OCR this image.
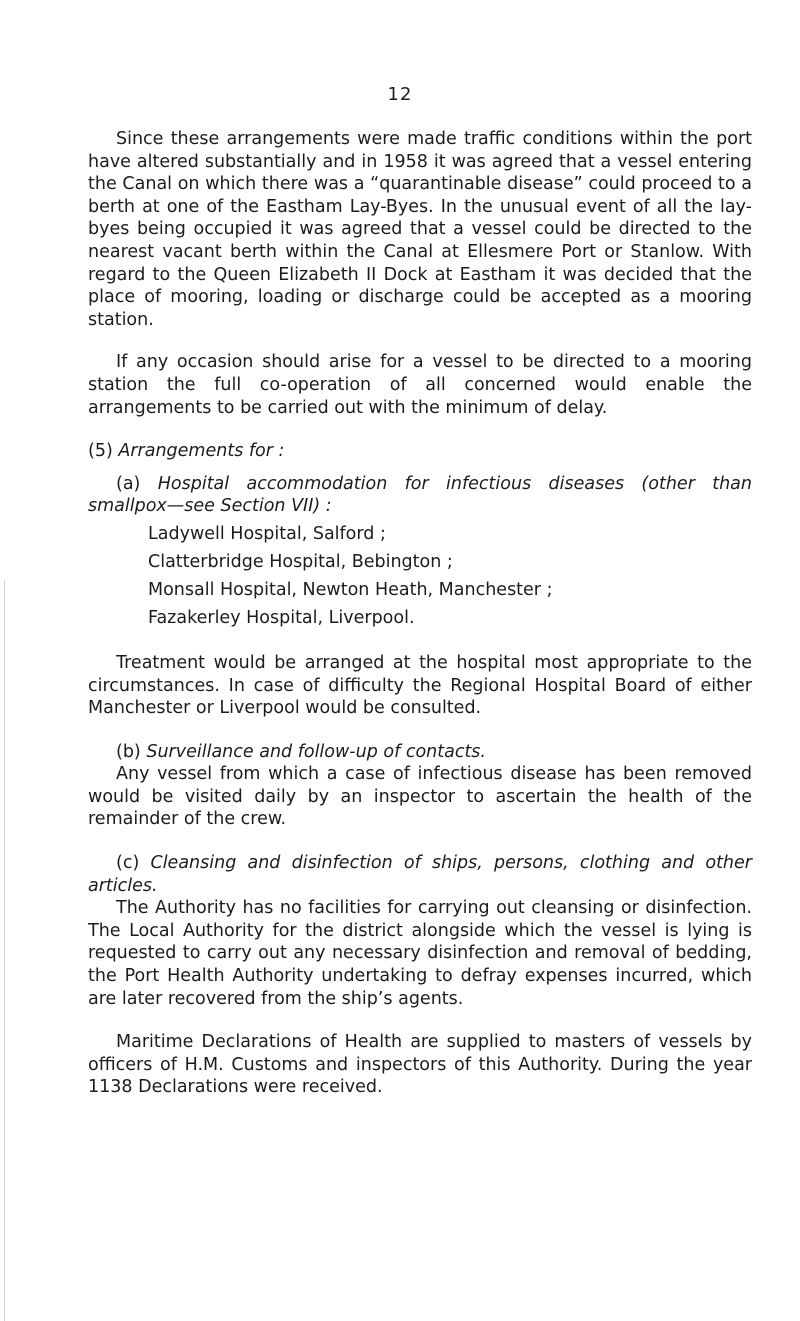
12

Since these arrangements were made traffic conditions within the port have altered substantially and in 1958 it was agreed that a vessel entering the Canal on which there was a “quarantinable disease” could proceed to a berth at one of the Eastham Lay-Byes. In the unusual event of all the lay-byes being occupied it was agreed that a vessel could be directed to the nearest vacant berth within the Canal at Ellesmere Port or Stanlow. With regard to the Queen Elizabeth II Dock at Eastham it was decided that the place of mooring, loading or discharge could be accepted as a mooring station.

If any occasion should arise for a vessel to be directed to a mooring station the full co-operation of all concerned would enable the arrangements to be carried out with the minimum of delay.

(5) Arrangements for :

(a) Hospital accommodation for infectious diseases (other than smallpox—see Section VII) :

Ladywell Hospital, Salford ;
Clatterbridge Hospital, Bebington ;
Monsall Hospital, Newton Heath, Manchester ;
Fazakerley Hospital, Liverpool.

Treatment would be arranged at the hospital most appropriate to the circumstances. In case of difficulty the Regional Hospital Board of either Manchester or Liverpool would be consulted.

(b) Surveillance and follow-up of contacts.

Any vessel from which a case of infectious disease has been removed would be visited daily by an inspector to ascertain the health of the remainder of the crew.

(c) Cleansing and disinfection of ships, persons, clothing and other articles.

The Authority has no facilities for carrying out cleansing or disinfection. The Local Authority for the district alongside which the vessel is lying is requested to carry out any necessary disinfection and removal of bedding, the Port Health Authority undertaking to defray expenses incurred, which are later recovered from the ship’s agents.

Maritime Declarations of Health are supplied to masters of vessels by officers of H.M. Customs and inspectors of this Authority. During the year 1138 Declarations were received.
